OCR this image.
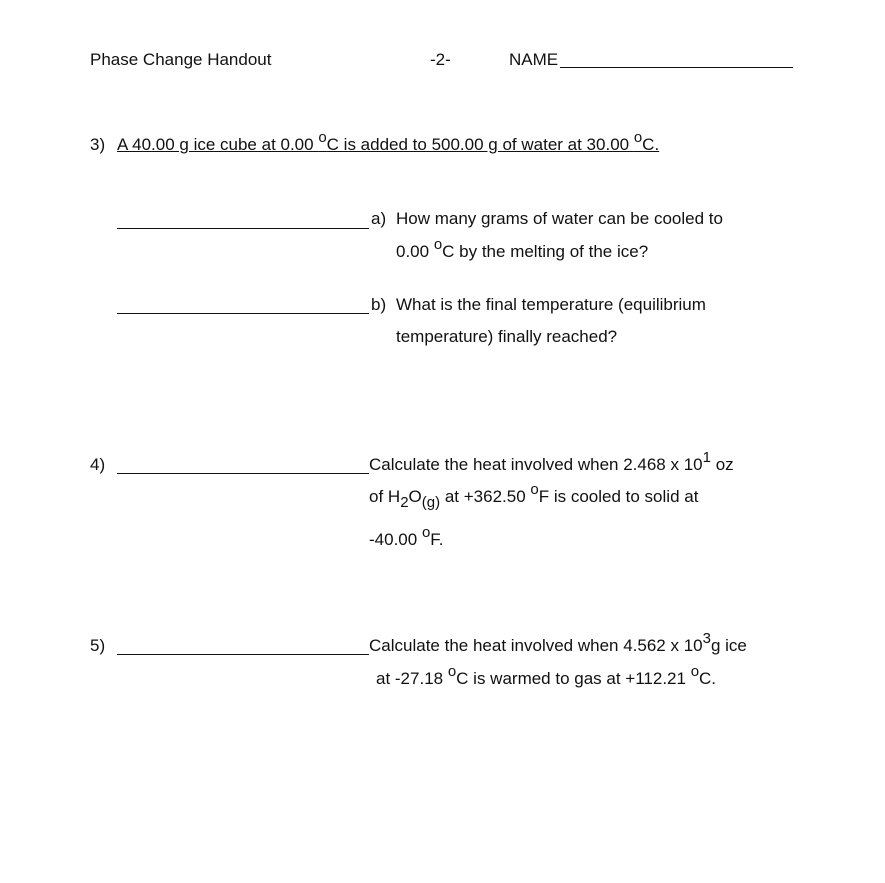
Phase Change Handout	-2-	NAME
3) A 40.00 g ice cube at 0.00 oC is added to 500.00 g of water at 30.00 oC.
a) How many grams of water can be cooled to
0.00 oC by the melting of the ice?
b) What is the final temperature (equilibrium
temperature) finally reached?
4)	Calculate the heat involved when 2.468 x 101 oz
of H2O(g) at +362.50 oF is cooled to solid at
-40.00 oF.
5)	Calculate the heat involved when 4.562 x 103g ice
at -27.18 oC is warmed to gas at +112.21 oC.
